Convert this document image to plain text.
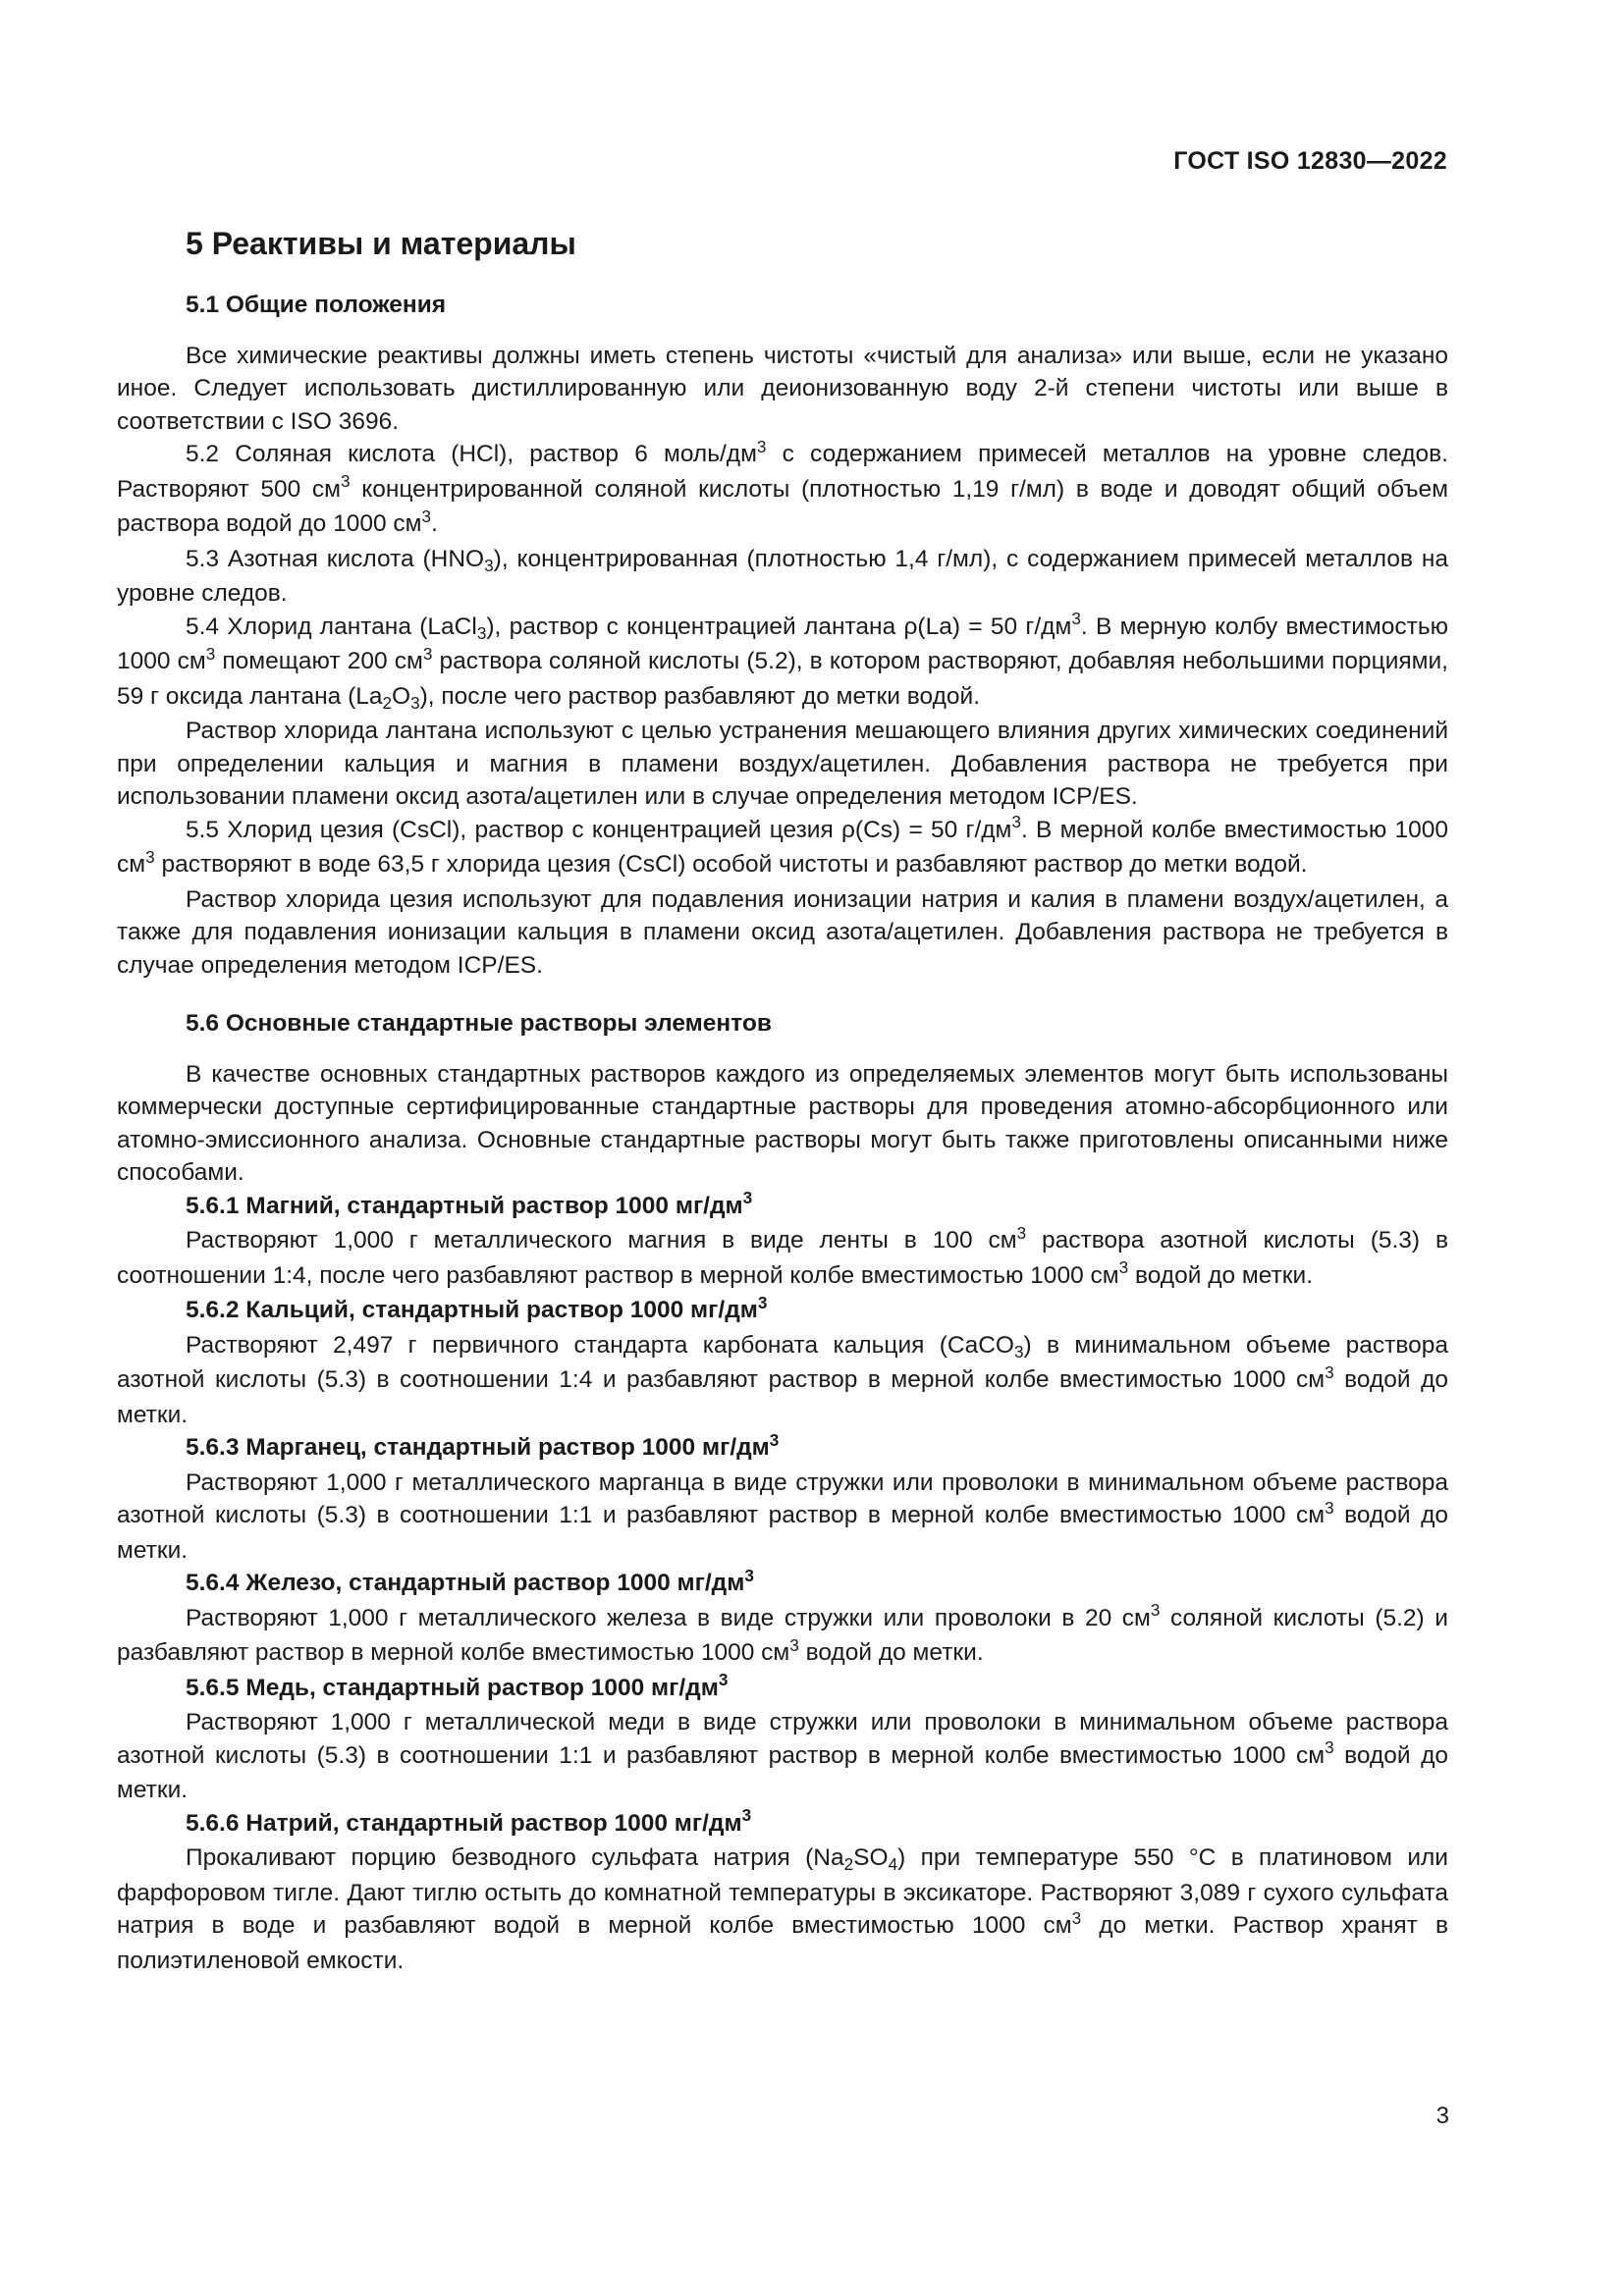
ГОСТ ISO 12830—2022
5 Реактивы и материалы
5.1 Общие положения

Все химические реактивы должны иметь степень чистоты «чистый для анализа» или выше, если не указано иное. Следует использовать дистиллированную или деионизованную воду 2-й степени чистоты или выше в соответствии с ISO 3696.

5.2 Соляная кислота (HCl), раствор 6 моль/$дм^3$ с содержанием примесей металлов на уровне следов. Растворяют 500 $см^3$ концентрированной соляной кислоты (плотностью 1,19 г/мл) в воде и доводят общий объем раствора водой до 1000 $см^3$.

5.3 Азотная кислота $(HNO_3)$, концентрированная (плотностью 1,4 г/мл), с содержанием примесей металлов на уровне следов.

5.4 Хлорид лантана (LaCl$_3$), раствор с концентрацией лантана ρ(La) = 50 $г/дм^3$. В мерную колбу вместимостью 1000 $см^3$ помещают 200 $см^3$ раствора соляной кислоты (5.2), в котором растворяют, добавляя небольшими порциями, 59 г оксида лантана $(La_2O_3)$, после чего раствор разбавляют до метки водой.

Раствор хлорида лантана используют с целью устранения мешающего влияния других химических соединений при определении кальция и магния в пламени воздух/ацетилен. Добавления раствора не требуется при использовании пламени оксид азота/ацетилен или в случае определения методом ICP/ES.

5.5 Хлорид цезия (CsCl), раствор с концентрацией цезия ρ(Cs) = 50 $г/дм^3$. В мерной колбе вместимостью 1000 $см^3$ растворяют в воде 63,5 г хлорида цезия (CsCl) особой чистоты и разбавляют раствор до метки водой.

Раствор хлорида цезия используют для подавления ионизации натрия и калия в пламени воздух/ацетилен, а также для подавления ионизации кальция в пламени оксид азота/ацетилен. Добавления раствора не требуется в случае определения методом ICP/ES.

5.6 Основные стандартные растворы элементов

В качестве основных стандартных растворов каждого из определяемых элементов могут быть использованы коммерчески доступные сертифицированные стандартные растворы для проведения атомно-абсорбционного или атомно-эмиссионного анализа. Основные стандартные растворы могут быть также приготовлены описанными ниже способами.

5.6.1 Магний, стандартный раствор 1000 $мг/дм^3$

Растворяют 1,000 г металлического магния в виде ленты в 100 $см^3$ раствора азотной кислоты (5.3) в соотношении 1:4, после чего разбавляют раствор в мерной колбе вместимостью 1000 $см^3$ водой до метки.

5.6.2 Кальций, стандартный раствор 1000 $мг/дм^3$

Растворяют 2,497 г первичного стандарта карбоната кальция (CaCO$_3$) в минимальном объеме раствора азотной кислоты (5.3) в соотношении 1:4 и разбавляют раствор в мерной колбе вместимостью 1000 $см^3$ водой до метки.

5.6.3 Марганец, стандартный раствор 1000 $мг/дм^3$

Растворяют 1,000 г металлического марганца в виде стружки или проволоки в минимальном объеме раствора азотной кислоты (5.3) в соотношении 1:1 и разбавляют раствор в мерной колбе вместимостью 1000 $см^3$ водой до метки.

5.6.4 Железо, стандартный раствор 1000 $мг/дм^3$

Растворяют 1,000 г металлического железа в виде стружки или проволоки в 20 $см^3$ соляной кислоты (5.2) и разбавляют раствор в мерной колбе вместимостью 1000 $см^3$ водой до метки.

5.6.5 Медь, стандартный раствор 1000 $мг/дм^3$

Растворяют 1,000 г металлической меди в виде стружки или проволоки в минимальном объеме раствора азотной кислоты (5.3) в соотношении 1:1 и разбавляют раствор в мерной колбе вместимостью 1000 $см^3$ водой до метки.

5.6.6 Натрий, стандартный раствор 1000 $мг/дм^3$

Прокаливают порцию безводного сульфата натрия $(Na_2SO_4)$ при температуре 550 °C в платиновом или фарфоровом тигле. Дают тиглю остыть до комнатной температуры в эксикаторе. Растворяют 3,089 г сухого сульфата натрия в воде и разбавляют водой в мерной колбе вместимостью 1000 $см^3$ до метки. Раствор хранят в полиэтиленовой емкости.

3
